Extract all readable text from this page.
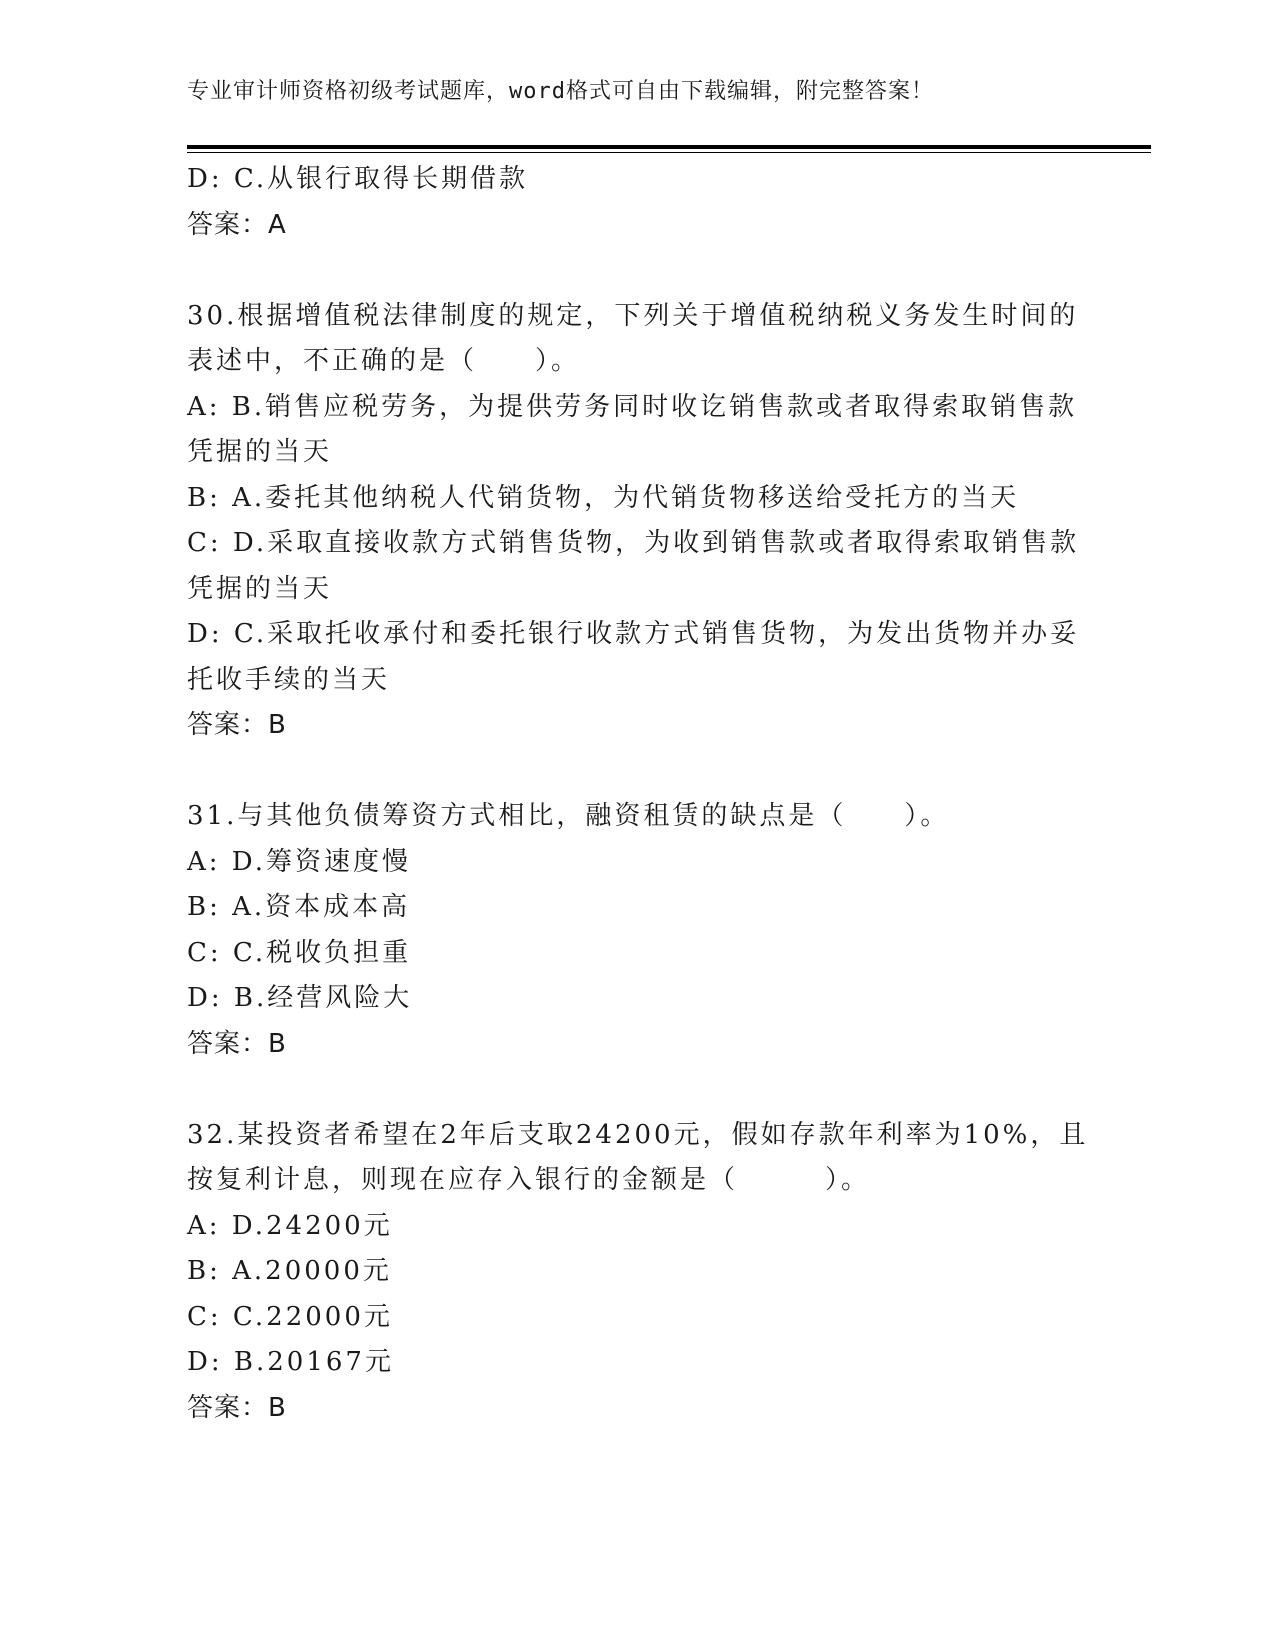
专业审计师资格初级考试题库，word格式可自由下载编辑，附完整答案！
D: C.从银行取得长期借款
答案：A
30.根据增值税法律制度的规定，下列关于增值税纳税义务发生时间的
表述中，不正确的是（　　）。
A: B.销售应税劳务，为提供劳务同时收讫销售款或者取得索取销售款
凭据的当天
B: A.委托其他纳税人代销货物，为代销货物移送给受托方的当天
C: D.采取直接收款方式销售货物，为收到销售款或者取得索取销售款
凭据的当天
D: C.采取托收承付和委托银行收款方式销售货物，为发出货物并办妥
托收手续的当天
答案：B
31.与其他负债筹资方式相比，融资租赁的缺点是（　　）。
A: D.筹资速度慢
B: A.资本成本高
C: C.税收负担重
D: B.经营风险大
答案：B
32.某投资者希望在2年后支取24200元，假如存款年利率为10%，且
按复利计息，则现在应存入银行的金额是（　　　）。
A: D.24200元
B: A.20000元
C: C.22000元
D: B.20167元
答案：B
